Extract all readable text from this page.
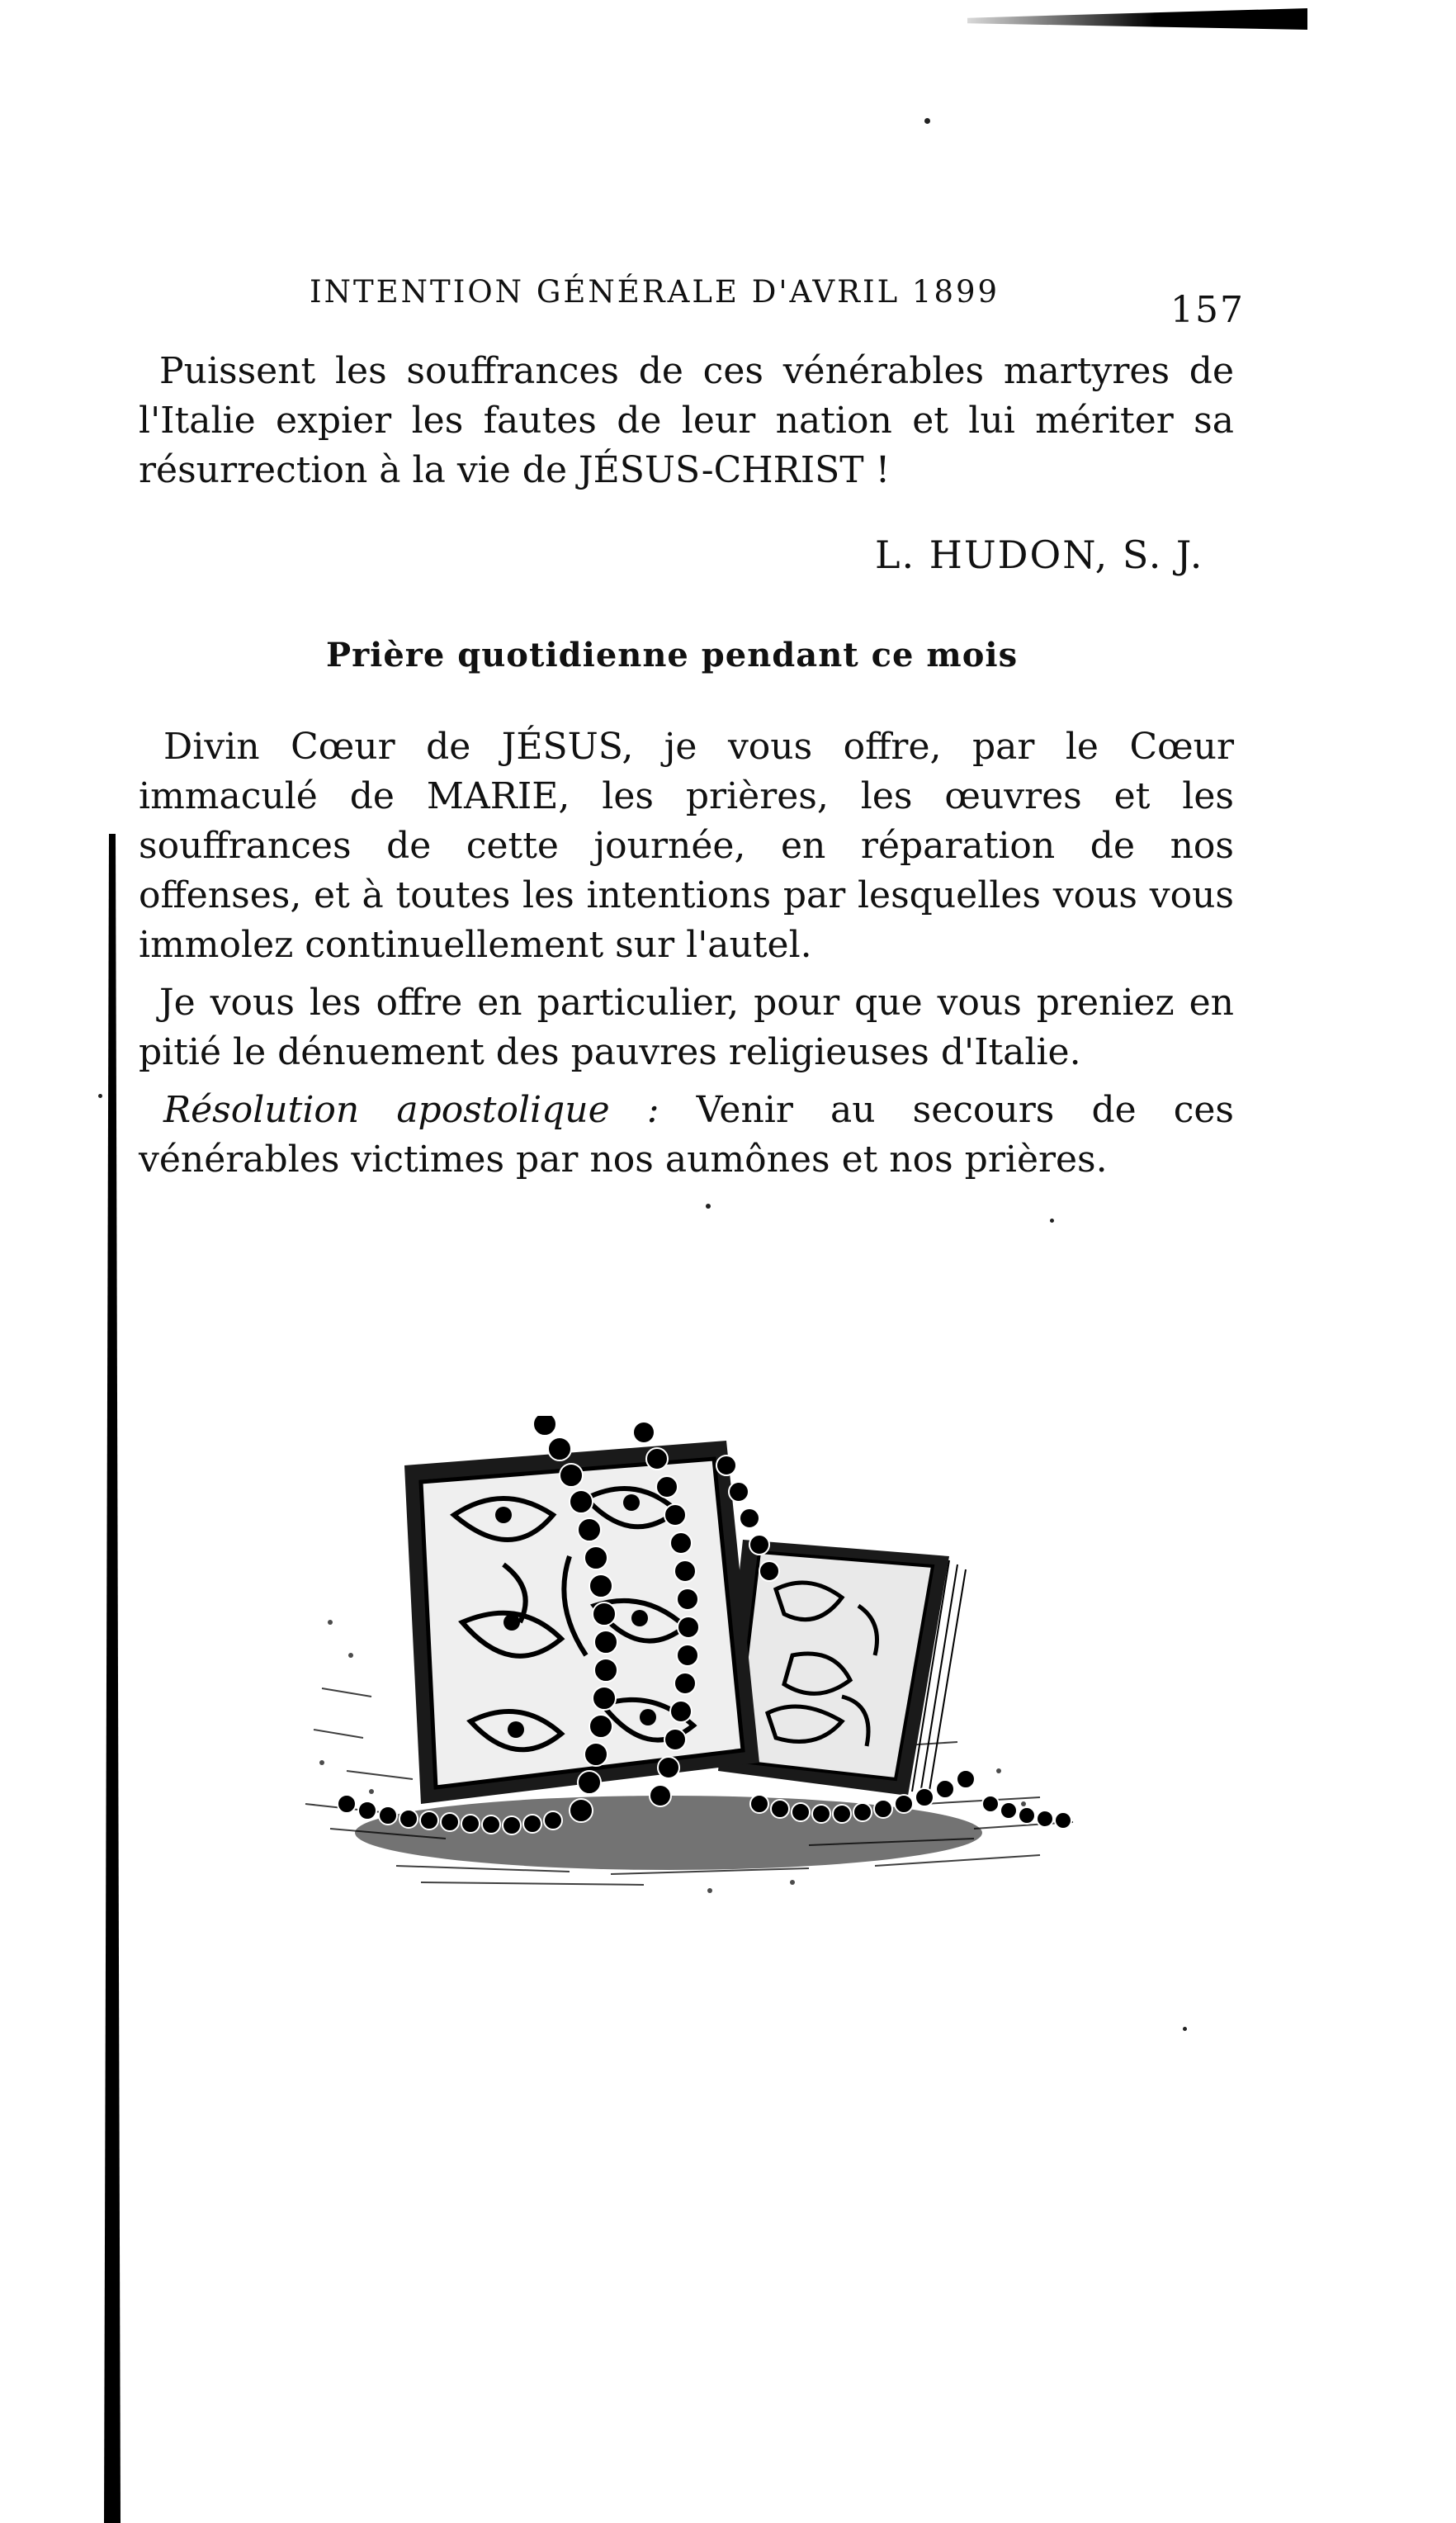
INTENTION GÉNÉRALE D'AVRIL 1899	157
Puissent les souffrances de ces vénérables martyres de l'Italie expier les fautes de leur nation et lui mériter sa résurrection à la vie de JÉSUS-CHRIST !
L. HUDON, S. J.
Prière quotidienne pendant ce mois
Divin Cœur de JÉSUS, je vous offre, par le Cœur immaculé de MARIE, les prières, les œuvres et les souffrances de cette journée, en réparation de nos offenses, et à toutes les intentions par lesquelles vous vous immolez continuellement sur l'autel.
Je vous les offre en particulier, pour que vous preniez en pitié le dénuement des pauvres religieuses d'Italie.
Résolution apostolique : Venir au secours de ces vénérables victimes par nos aumônes et nos prières.
